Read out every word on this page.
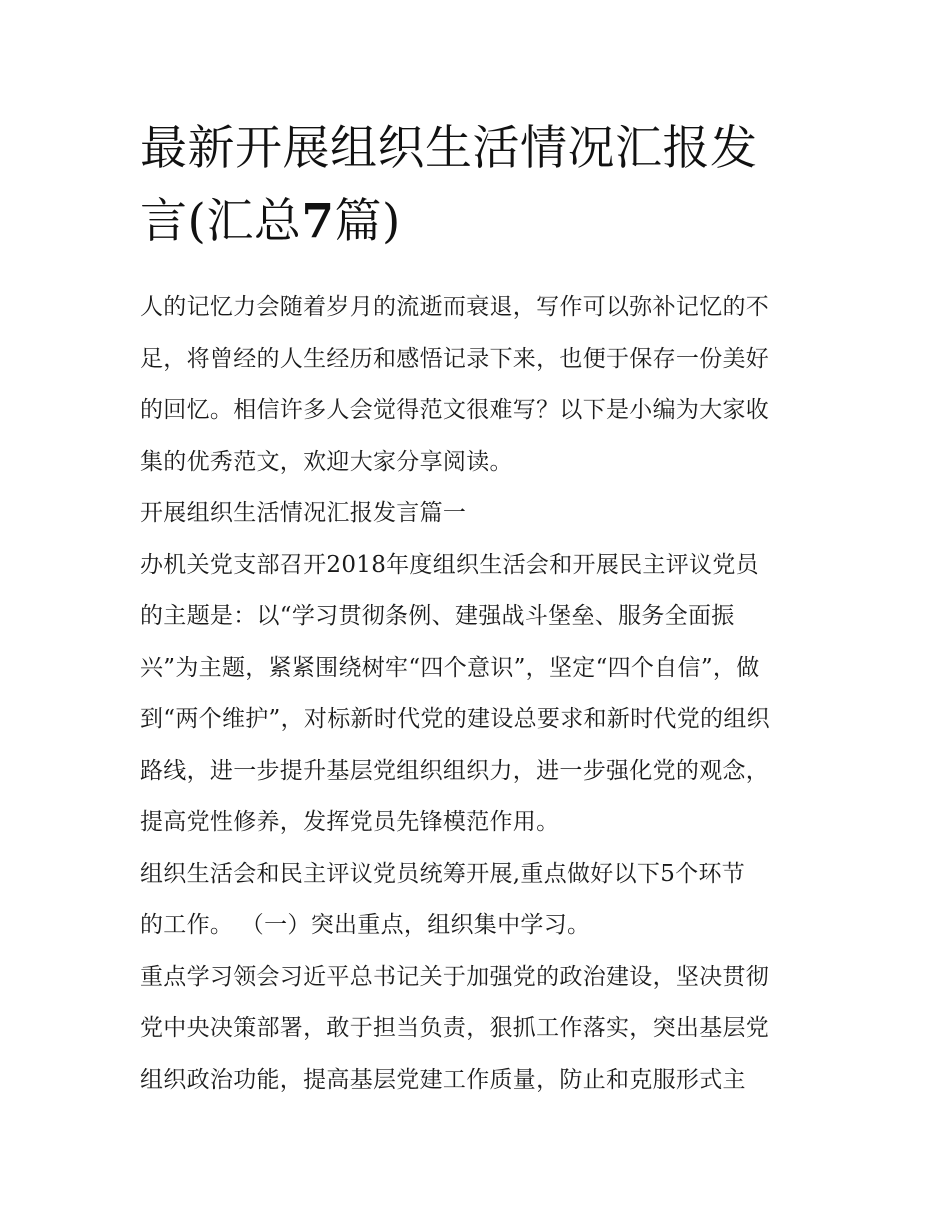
最新开展组织生活情况汇报发
言(汇总7篇)

人的记忆力会随着岁月的流逝而衰退，写作可以弥补记忆的不
足，将曾经的人生经历和感悟记录下来，也便于保存一份美好
的回忆。相信许多人会觉得范文很难写？以下是小编为大家收
集的优秀范文，欢迎大家分享阅读。

开展组织生活情况汇报发言篇一

办机关党支部召开2018年度组织生活会和开展民主评议党员
的主题是：以“学习贯彻条例、建强战斗堡垒、服务全面振
兴”为主题，紧紧围绕树牢“四个意识”，坚定“四个自信”，做
到“两个维护”，对标新时代党的建设总要求和新时代党的组织
路线，进一步提升基层党组织组织力，进一步强化党的观念，
提高党性修养，发挥党员先锋模范作用。

组织生活会和民主评议党员统筹开展,重点做好以下5个环节
的工作。 （一）突出重点，组织集中学习。

重点学习领会习近平总书记关于加强党的政治建设，坚决贯彻
党中央决策部署，敢于担当负责，狠抓工作落实，突出基层党
组织政治功能，提高基层党建工作质量，防止和克服形式主
